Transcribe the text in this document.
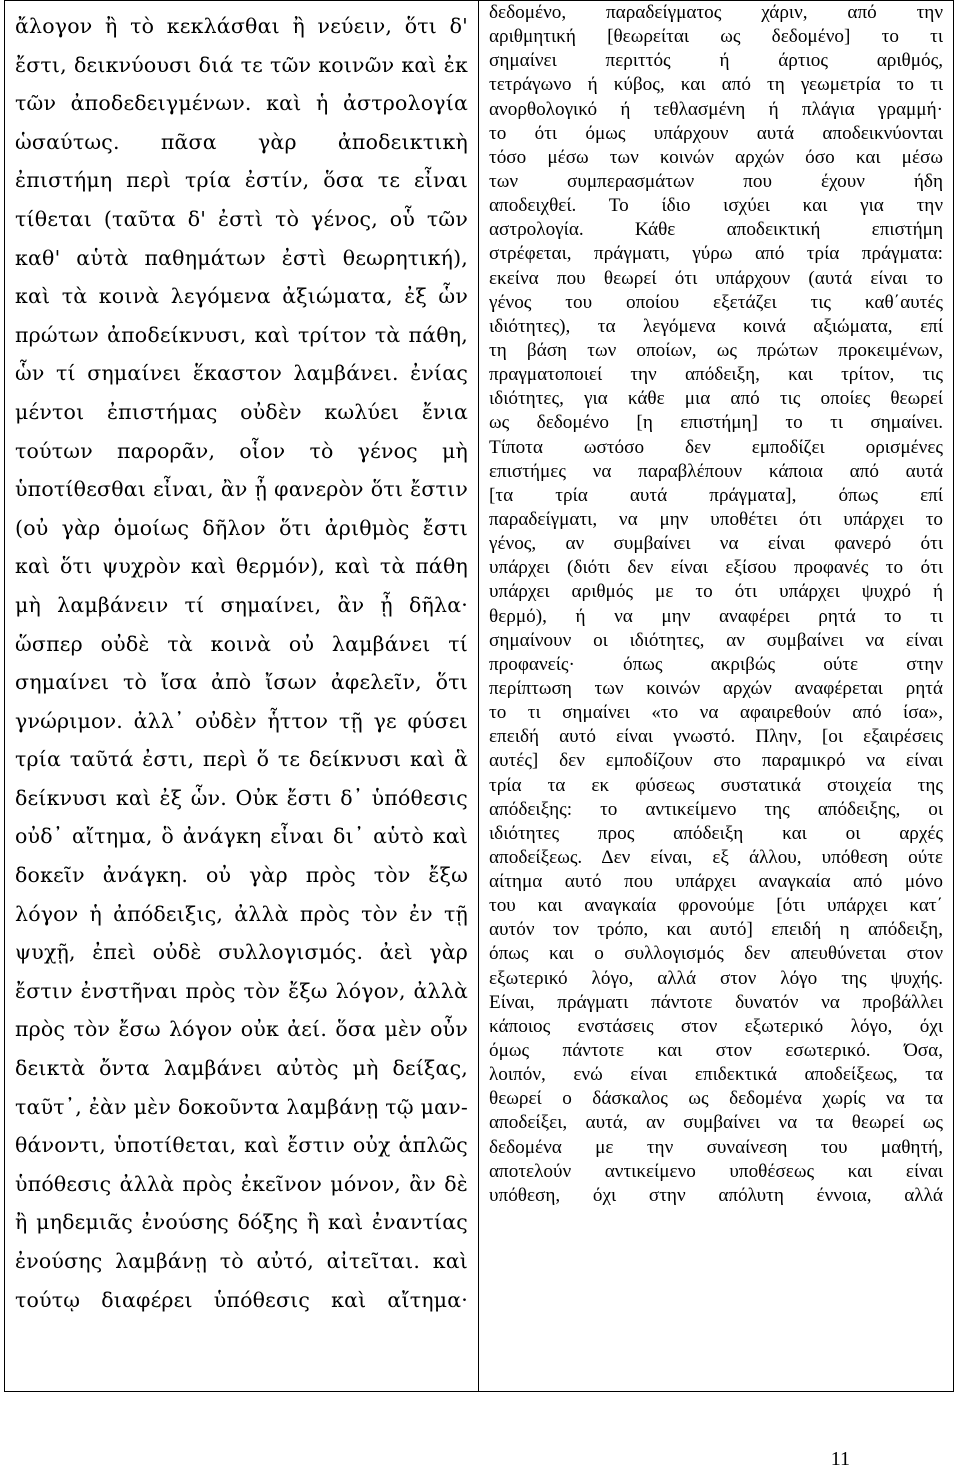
ἄλογον ἢ τὸ κεκλάσθαι ἢ νεύειν, ὅτι δ'
ἔστι, δεικνύουσι διά τε τῶν κοινῶν καὶ ἐκ
τῶν ἀποδεδειγμένων. καὶ ἡ ἀστρολογία
ὡσαύτως. πᾶσα γὰρ ἀποδεικτικὴ
ἐπιστήμη περὶ τρία ἐστίν, ὅσα τε εἶναι
τίθεται (ταῦτα δ' ἐστὶ τὸ γένος, οὗ τῶν
καθ' αὑτὰ παθημάτων ἐστὶ θεωρητική),
καὶ τὰ κοινὰ λεγόμενα ἀξιώματα, ἐξ ὧν
πρώτων ἀποδείκνυσι, καὶ τρίτον τὰ πάθη,
ὧν τί σημαίνει ἕκαστον λαμβάνει. ἐνίας
μέντοι ἐπιστήμας οὐδὲν κωλύει ἔνια
τούτων παρορᾶν, οἷον τὸ γένος μὴ
ὑποτίθεσθαι εἶναι, ἂν ᾖ φανερὸν ὅτι ἔστιν
(οὐ γὰρ ὁμοίως δῆλον ὅτι ἀριθμὸς ἔστι
καὶ ὅτι ψυχρὸν καὶ θερμόν), καὶ τὰ πάθη
μὴ λαμβάνειν τί σημαίνει, ἂν ᾖ δῆλα·
ὥσπερ οὐδὲ τὰ κοινὰ οὐ λαμβάνει τί
σημαίνει τὸ ἴσα ἀπὸ ἴσων ἀφελεῖν, ὅτι
γνώριμον. ἀλλ᾽ οὐδὲν ἧττον τῇ γε φύσει
τρία ταῦτά ἐστι, περὶ ὅ τε δείκνυσι καὶ ἃ
δείκνυσι καὶ ἐξ ὧν. Οὐκ ἔστι δ᾽ ὑπόθεσις
οὐδ᾽ αἴτημα, ὃ ἀνάγκη εἶναι δι᾽ αὑτὸ καὶ
δοκεῖν ἀνάγκη. οὐ γὰρ πρὸς τὸν ἔξω
λόγον ἡ ἀπόδειξις, ἀλλὰ πρὸς τὸν ἐν τῇ
ψυχῇ, ἐπεὶ οὐδὲ συλλογισμός. ἀεὶ γὰρ
ἔστιν ἐνστῆναι πρὸς τὸν ἔξω λόγον, ἀλλὰ
πρὸς τὸν ἔσω λόγον οὐκ ἀεί. ὅσα μὲν οὖν
δεικτὰ ὄντα λαμβάνει αὐτὸς μὴ δείξας,
ταῦτ᾽, ἐὰν μὲν δοκοῦντα λαμβάνῃ τῷ μαν-
θάνοντι, ὑποτίθεται, καὶ ἔστιν οὐχ ἁπλῶς
ὑπόθεσις ἀλλὰ πρὸς ἐκεῖνον μόνον, ἂν δὲ
ἢ μηδεμιᾶς ἐνούσης δόξης ἢ καὶ ἐναντίας
ἐνούσης λαμβάνῃ τὸ αὐτό, αἰτεῖται. καὶ
τούτῳ διαφέρει ὑπόθεσις καὶ αἴτημα·
δεδομένο, παραδείγματος χάριν, από την
αριθμητική [θεωρείται ως δεδομένο] το τι
σημαίνει περιττός ή άρτιος αριθμός,
τετράγωνο ή κύβος, και από τη γεωμετρία το τι
ανορθολογικό ή τεθλασμένη ή πλάγια γραμμή·
το ότι όμως υπάρχουν αυτά αποδεικνύονται
τόσο μέσω των κοινών αρχών όσο και μέσω
των συμπερασμάτων που έχουν ήδη
αποδειχθεί. Το ίδιο ισχύει και για την
αστρολογία. Κάθε αποδεικτική επιστήμη
στρέφεται, πράγματι, γύρω από τρία πράγματα:
εκείνα που θεωρεί ότι υπάρχουν (αυτά είναι το
γένος του οποίου εξετάζει τις καθ΄αυτές
ιδιότητες), τα λεγόμενα κοινά αξιώματα, επί
τη βάση των οποίων, ως πρώτων προκειμένων,
πραγματοποιεί την απόδειξη, και τρίτον, τις
ιδιότητες, για κάθε μια από τις οποίες θεωρεί
ως δεδομένο [η επιστήμη] το τι σημαίνει.
Τίποτα ωστόσο δεν εμποδίζει ορισμένες
επιστήμες να παραβλέπουν κάποια από αυτά
[τα τρία αυτά πράγματα], όπως επί
παραδείγματι, να μην υποθέτει ότι υπάρχει το
γένος, αν συμβαίνει να είναι φανερό ότι
υπάρχει (διότι δεν είναι εξίσου προφανές το ότι
υπάρχει αριθμός με το ότι υπάρχει ψυχρό ή
θερμό), ή να μην αναφέρει ρητά το τι
σημαίνουν οι ιδιότητες, αν συμβαίνει να είναι
προφανείς· όπως ακριβώς ούτε στην
περίπτωση των κοινών αρχών αναφέρεται ρητά
το τι σημαίνει «το να αφαιρεθούν από ίσα»,
επειδή αυτό είναι γνωστό. Πλην, [οι εξαιρέσεις
αυτές] δεν εμποδίζουν στο παραμικρό να είναι
τρία τα εκ φύσεως συστατικά στοιχεία της
απόδειξης: το αντικείμενο της απόδειξης, οι
ιδιότητες προς απόδειξη και οι αρχές
αποδείξεως. Δεν είναι, εξ άλλου, υπόθεση ούτε
αίτημα αυτό που υπάρχει αναγκαία από μόνο
του και αναγκαία φρονούμε [ότι υπάρχει κατ΄
αυτόν τον τρόπο, και αυτό] επειδή η απόδειξη,
όπως και ο συλλογισμός δεν απευθύνεται στον
εξωτερικό λόγο, αλλά στον λόγο της ψυχής.
Είναι, πράγματι πάντοτε δυνατόν να προβάλλει
κάποιος ενστάσεις στον εξωτερικό λόγο, όχι
όμως πάντοτε και στον εσωτερικό. Όσα,
λοιπόν, ενώ είναι επιδεκτικά αποδείξεως, τα
θεωρεί ο δάσκαλος ως δεδομένα χωρίς να τα
αποδείξει, αυτά, αν συμβαίνει να τα θεωρεί ως
δεδομένα με την συναίνεση του μαθητή,
αποτελούν αντικείμενο υποθέσεως και είναι
υπόθεση, όχι στην απόλυτη έννοια, αλλά
11
